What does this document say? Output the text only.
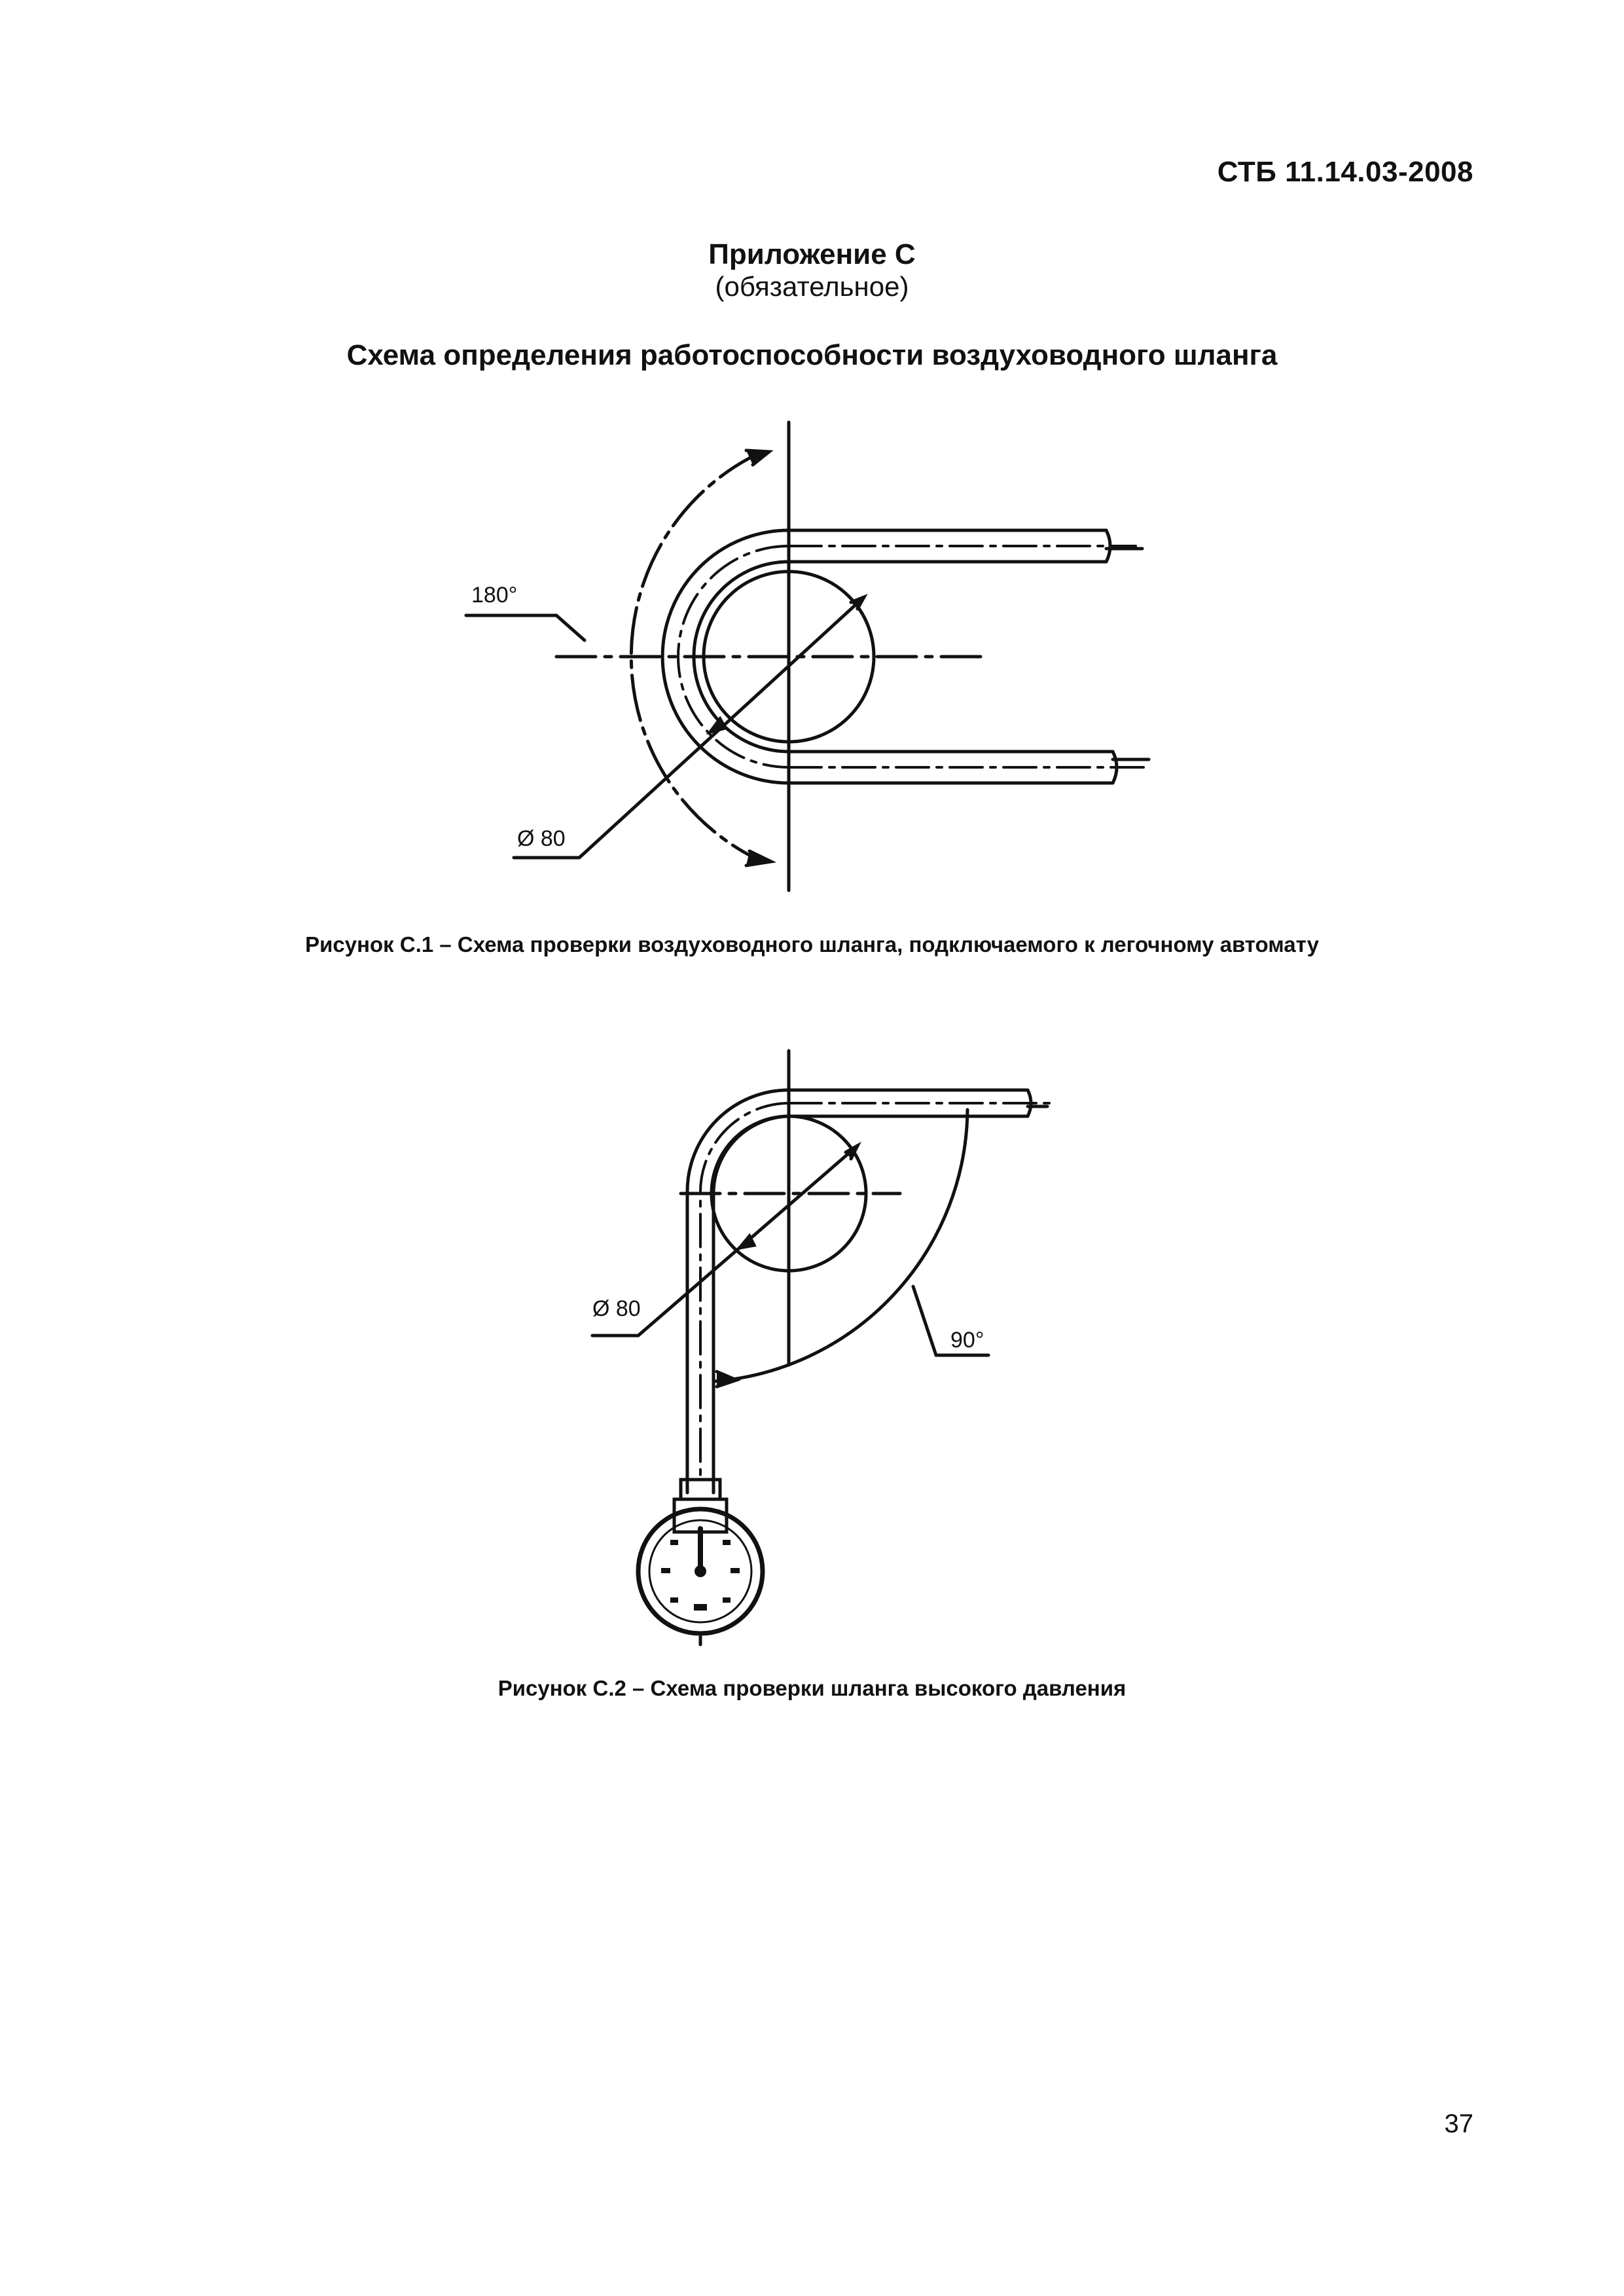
СТБ 11.14.03-2008
Приложение С
(обязательное)
Схема определения работоспособности воздуховодного шланга
180°
Ø 80
Рисунок С.1 – Схема проверки воздуховодного шланга, подключаемого к легочному автомату
Ø 80
90°
Рисунок С.2 – Схема проверки шланга высокого давления
37
